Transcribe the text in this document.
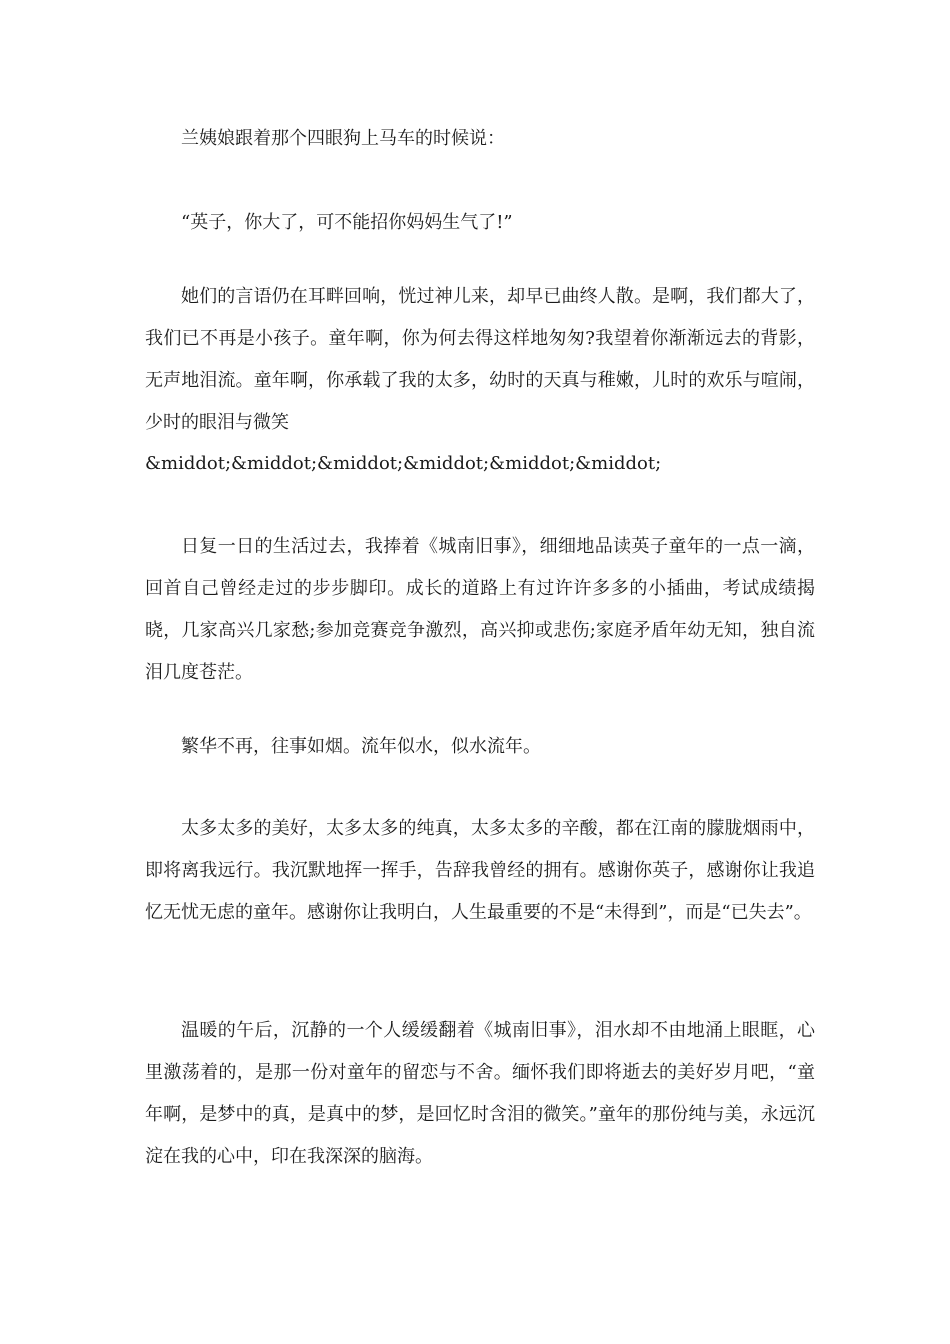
兰姨娘跟着那个四眼狗上马车的时候说：

“英子，你大了，可不能招你妈妈生气了!”

她们的言语仍在耳畔回响，恍过神儿来，却早已曲终人散。是啊，我们都大了，我们已不再是小孩子。童年啊，你为何去得这样地匆匆?我望着你渐渐远去的背影，无声地泪流。童年啊，你承载了我的太多，幼时的天真与稚嫩，儿时的欢乐与喧闹，少时的眼泪与微笑

&middot;&middot;&middot;&middot;&middot;&middot;

日复一日的生活过去，我捧着《城南旧事》，细细地品读英子童年的一点一滴，回首自己曾经走过的步步脚印。成长的道路上有过许许多多的小插曲，考试成绩揭晓，几家高兴几家愁;参加竞赛竞争激烈，高兴抑或悲伤;家庭矛盾年幼无知，独自流泪几度苍茫。

繁华不再，往事如烟。流年似水，似水流年。

太多太多的美好，太多太多的纯真，太多太多的辛酸，都在江南的朦胧烟雨中，即将离我远行。我沉默地挥一挥手，告辞我曾经的拥有。感谢你英子，感谢你让我追忆无忧无虑的童年。感谢你让我明白，人生最重要的不是“未得到”，而是“已失去”。

温暖的午后，沉静的一个人缓缓翻着《城南旧事》，泪水却不由地涌上眼眶，心里激荡着的，是那一份对童年的留恋与不舍。缅怀我们即将逝去的美好岁月吧，“童年啊，是梦中的真，是真中的梦，是回忆时含泪的微笑。”童年的那份纯与美，永远沉淀在我的心中，印在我深深的脑海。
